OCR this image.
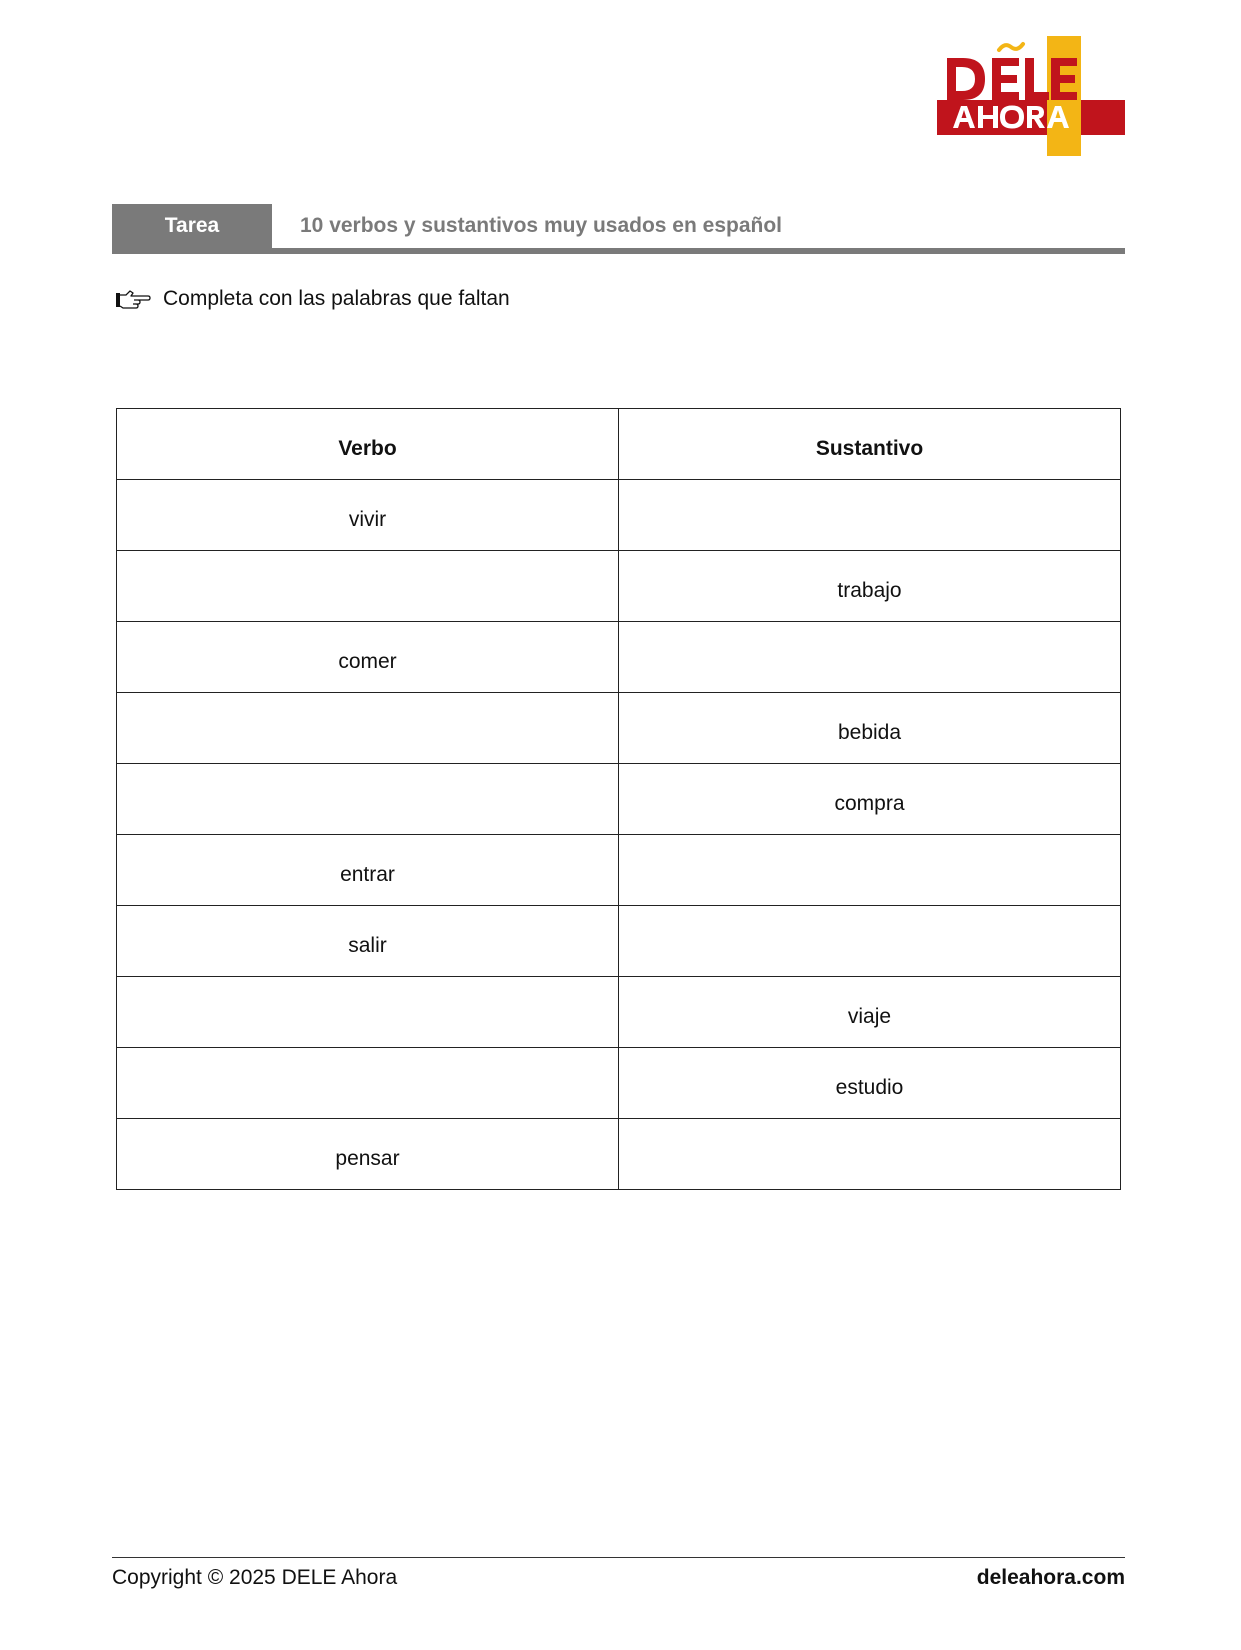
Tarea	10 verbos y sustantivos muy usados en español
Completa con las palabras que faltan
Verbo	Sustantivo
vivir	
	trabajo
comer	
	bebida
	compra
entrar	
salir	
	viaje
	estudio
pensar	
Copyright © 2025 DELE Ahora	deleahora.com
